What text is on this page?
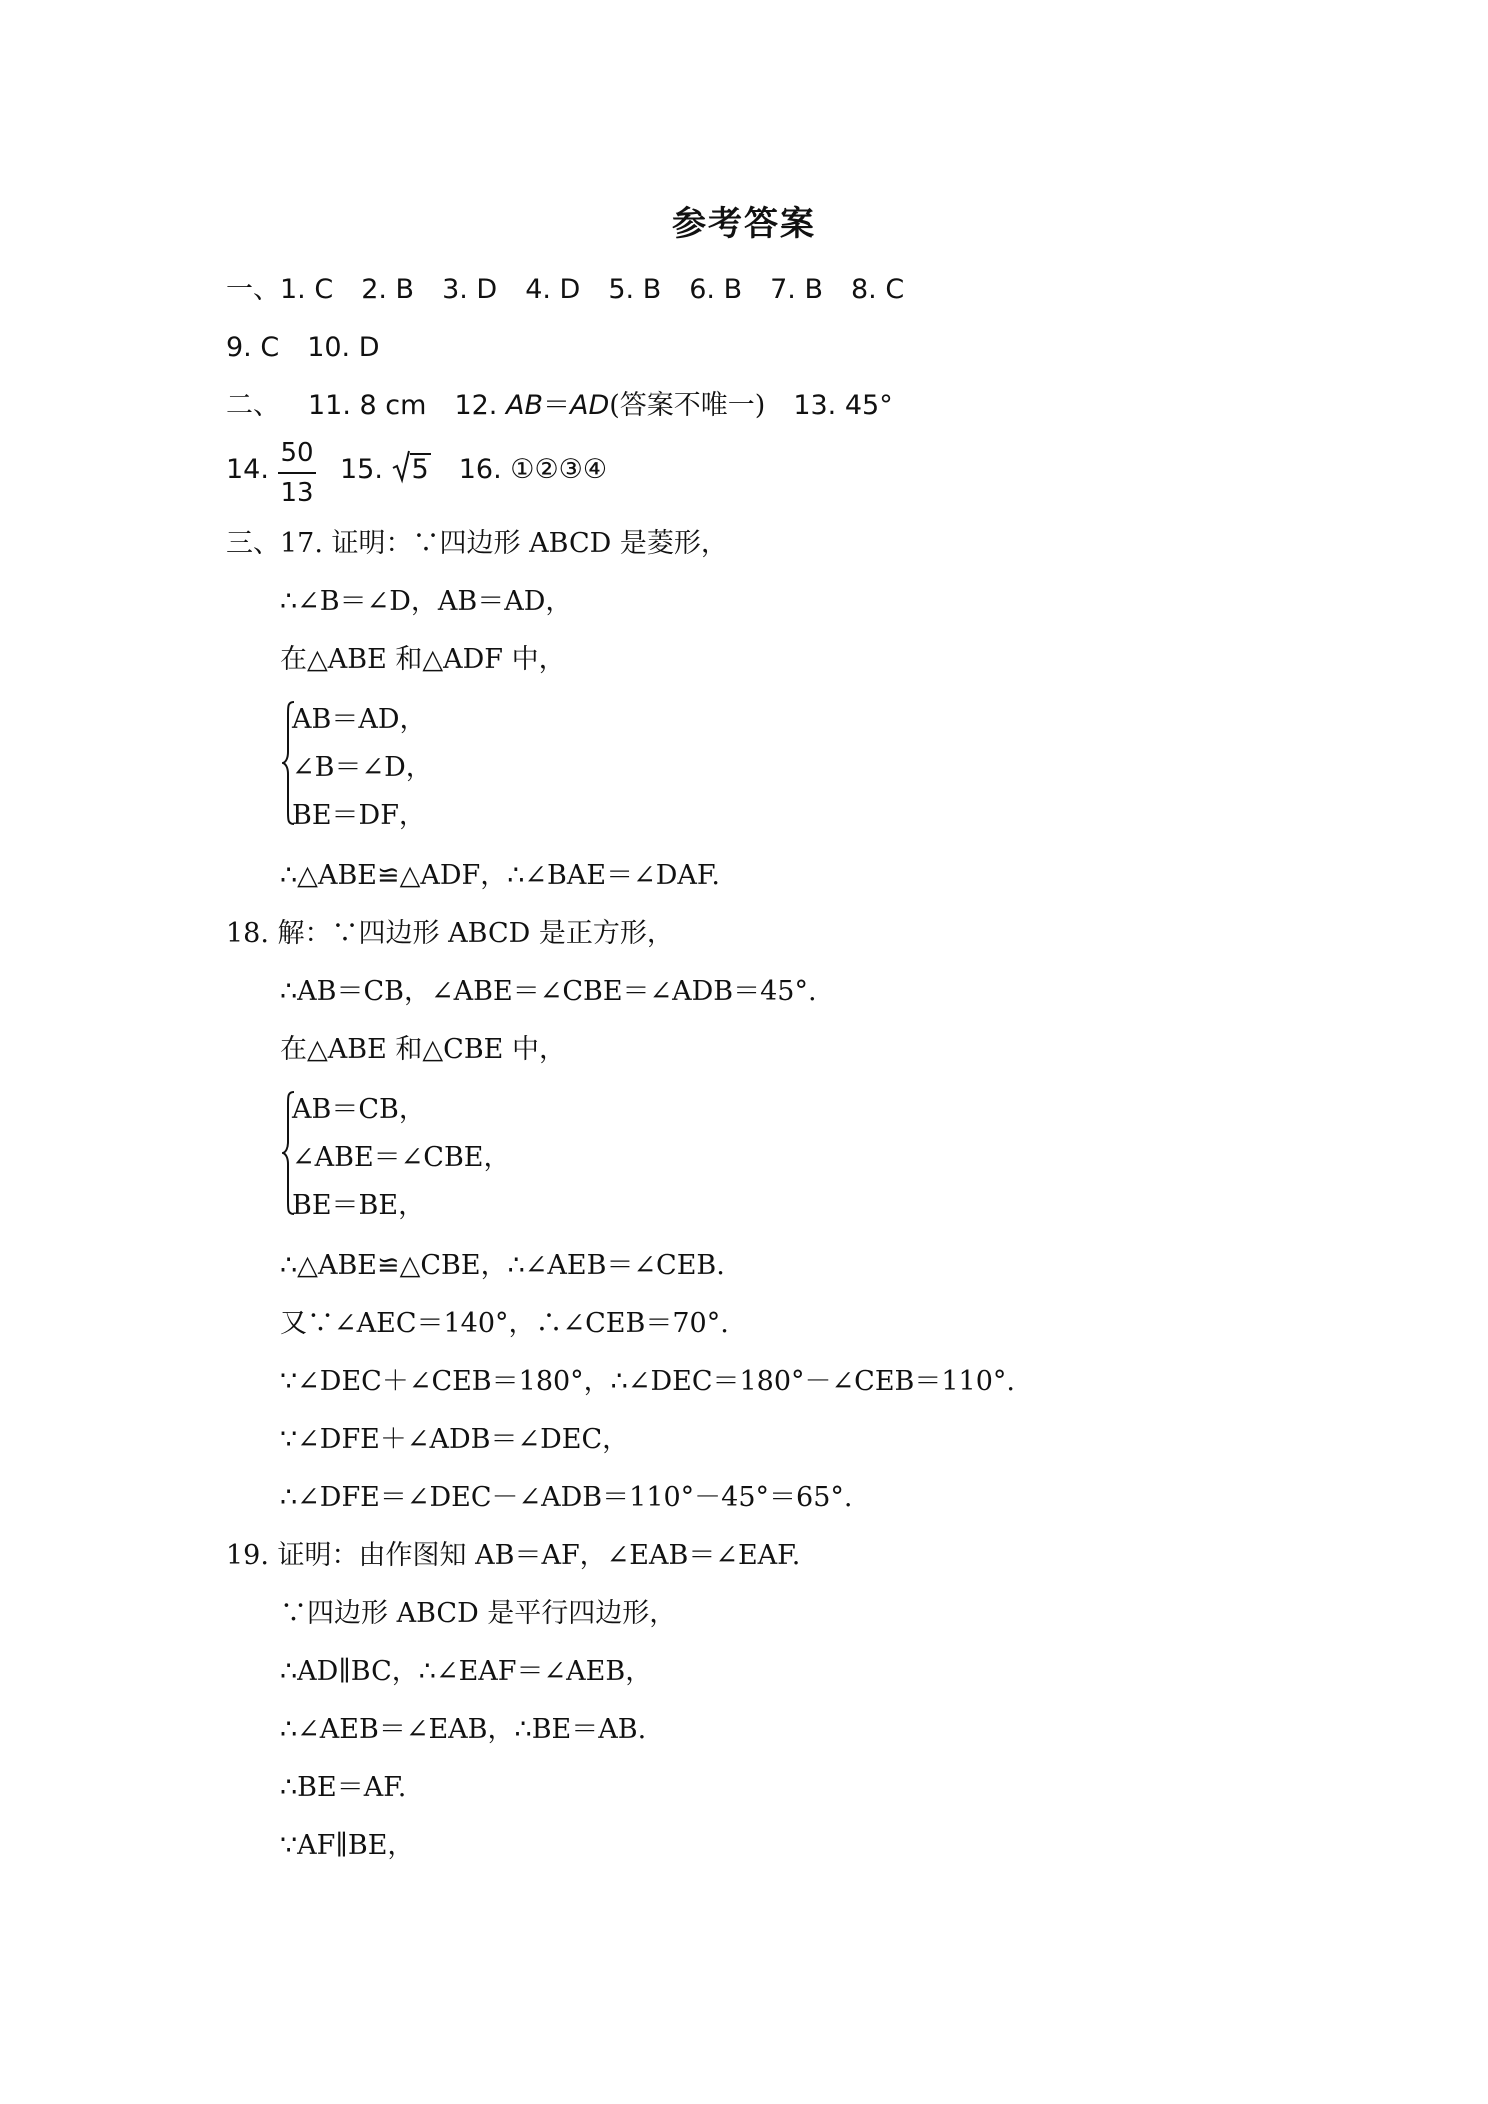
参考答案
一、1. C 2. B 3. D 4. D 5. B 6. B 7. B 8. C
9. C 10. D
二、 11. 8 cm 12. AB＝AD(答案不唯一) 13. 45°
14.
50
13
15. 5 16. ①②③④
三、17. 证明：∵四边形 ABCD 是菱形，
∴∠B＝∠D，AB＝AD，
在△ABE 和△ADF 中，
AB＝AD，
∠B＝∠D，
BE＝DF，
∴△ABE≌△ADF，∴∠BAE＝∠DAF.
18. 解：∵四边形 ABCD 是正方形，
∴AB＝CB，∠ABE＝∠CBE＝∠ADB＝45°.
在△ABE 和△CBE 中，
AB＝CB，
∠ABE＝∠CBE，
BE＝BE，
∴△ABE≌△CBE，∴∠AEB＝∠CEB.
又∵∠AEC＝140°，∴∠CEB＝70°.
∵∠DEC＋∠CEB＝180°，∴∠DEC＝180°－∠CEB＝110°.
∵∠DFE＋∠ADB＝∠DEC，
∴∠DFE＝∠DEC－∠ADB＝110°－45°＝65°.
19. 证明：由作图知 AB＝AF，∠EAB＝∠EAF.
∵四边形 ABCD 是平行四边形，
∴AD∥BC，∴∠EAF＝∠AEB，
∴∠AEB＝∠EAB，∴BE＝AB.
∴BE＝AF.
∵AF∥BE，
